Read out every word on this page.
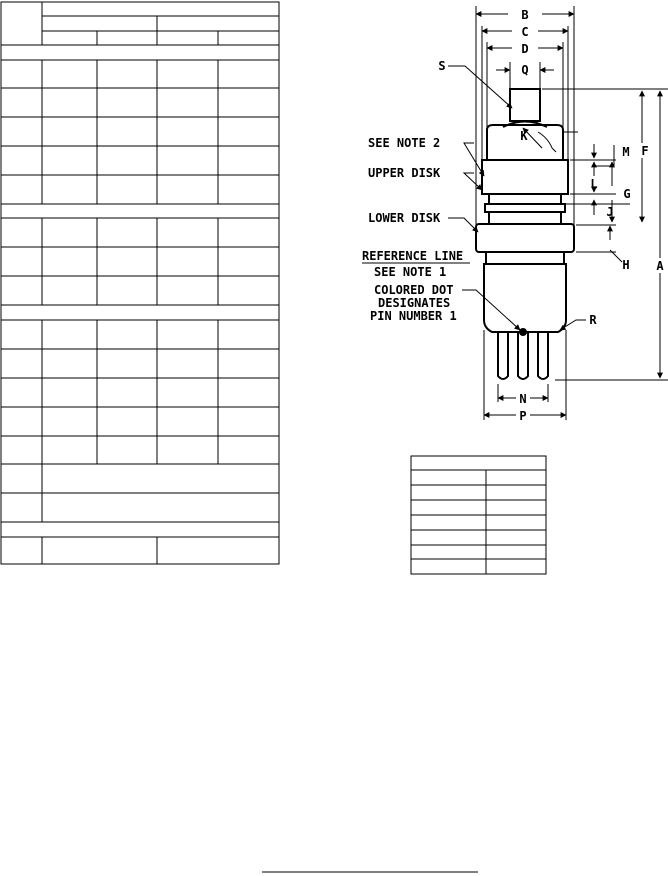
B
C
D
Q
S
K
M F
L
G
J
H A
R
N
P
SEE NOTE 2
UPPER DISK
LOWER DISK
REFERENCE LINE
SEE NOTE 1
COLORED DOT
DESIGNATES
PIN NUMBER 1
